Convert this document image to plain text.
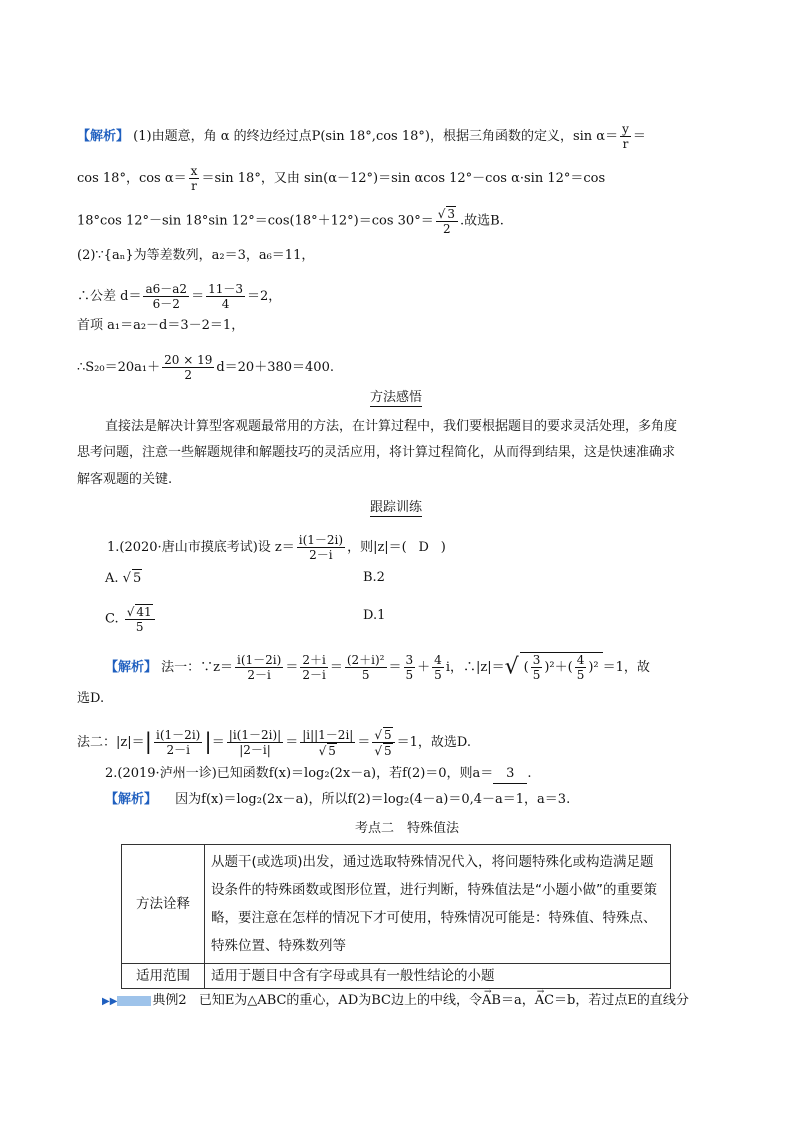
【解析】 (1)由题意，角 α 的终边经过点P(sin 18°,cos 18°)，根据三角函数的定义，$\sin \alpha= \frac{y}{r}$ ＝
cos 18°，$\cos \alpha= \frac{x}{r} =\sin$ 18°，又由 sin(α－12°)＝sin αcos 12°－cos α·sin 12°＝cos
18°cos 12°－sin 18°sin 12°＝cos(18°＋12°)＝cos $30^\circ= \frac{√ 3}{2}$ .故选B.
(2)∵{aₙ}为等差数列，a₂＝3，a₆＝11，
∴公差 $d= \frac{a6-a2}{6-2} = \frac{11-3}{4} =2$，
首项 a₁＝a₂－d＝3－2＝1，
∴S₂₀＝20a₁＋ $\frac{20 \times 19}{2} d=20+380=400$.
方法感悟
直接法是解决计算型客观题最常用的方法，在计算过程中，我们要根据题目的要求灵活处理，多角度
思考问题，注意一些解题规律和解题技巧的灵活应用，将计算过程简化，从而得到结果，这是快速准确求
解客观题的关键.
跟踪训练
1.(2020·唐山市摸底考试)设 $z= \frac{i(1-2i)}{2-i}$ ，则|z|＝( D )
A. √ 5	B.2
C. $\frac{√ 41}{5}$	D.1
【解析】 法一：∵z＝ $\frac{i(1-2i)}{2-i} = \frac{2+i}{2-i} = \frac{\text{(2＋i)²}}{5} = \frac{3}{5} + \frac{4}{5}$ i，∴|z|＝√ ( $\frac{3}{5} )^2+( \frac{4}{5} )^2 =1$，故
选D.
法二：$|z|=| \frac{i(1-2i)}{2-i}$ |＝ $\frac{|i(1-2i)|}{|2-i|} = \frac{|i||1-2i|}{√ 5} = \frac{√ 5}{√ 5} =1$，故选D.
2.(2019·泸州一诊)已知函数f(x)＝log₂(2x－a)，若f(2)＝0，则a＝ 3 .
【解析】 因为f(x)＝log₂(2x－a)，所以f(2)＝log₂(4－a)＝0,4－a＝1，a＝3.
考点二　特殊值法
方法诠释	从题干(或选项)出发，通过选取特殊情况代入，将问题特殊化或构造满足题设条件的特殊函数或图形位置，进行判断，特殊值法是“小题小做”的重要策略，要注意在怎样的情况下才可使用，特殊情况可能是：特殊值、特殊点、特殊位置、特殊数列等
适用范围	适用于题目中含有字母或具有一般性结论的小题
▶▶	典例2 已知E为△ABC的重心，AD为BC边上的中线，令→ AB＝a，→ AC＝b，若过点E的直线分
